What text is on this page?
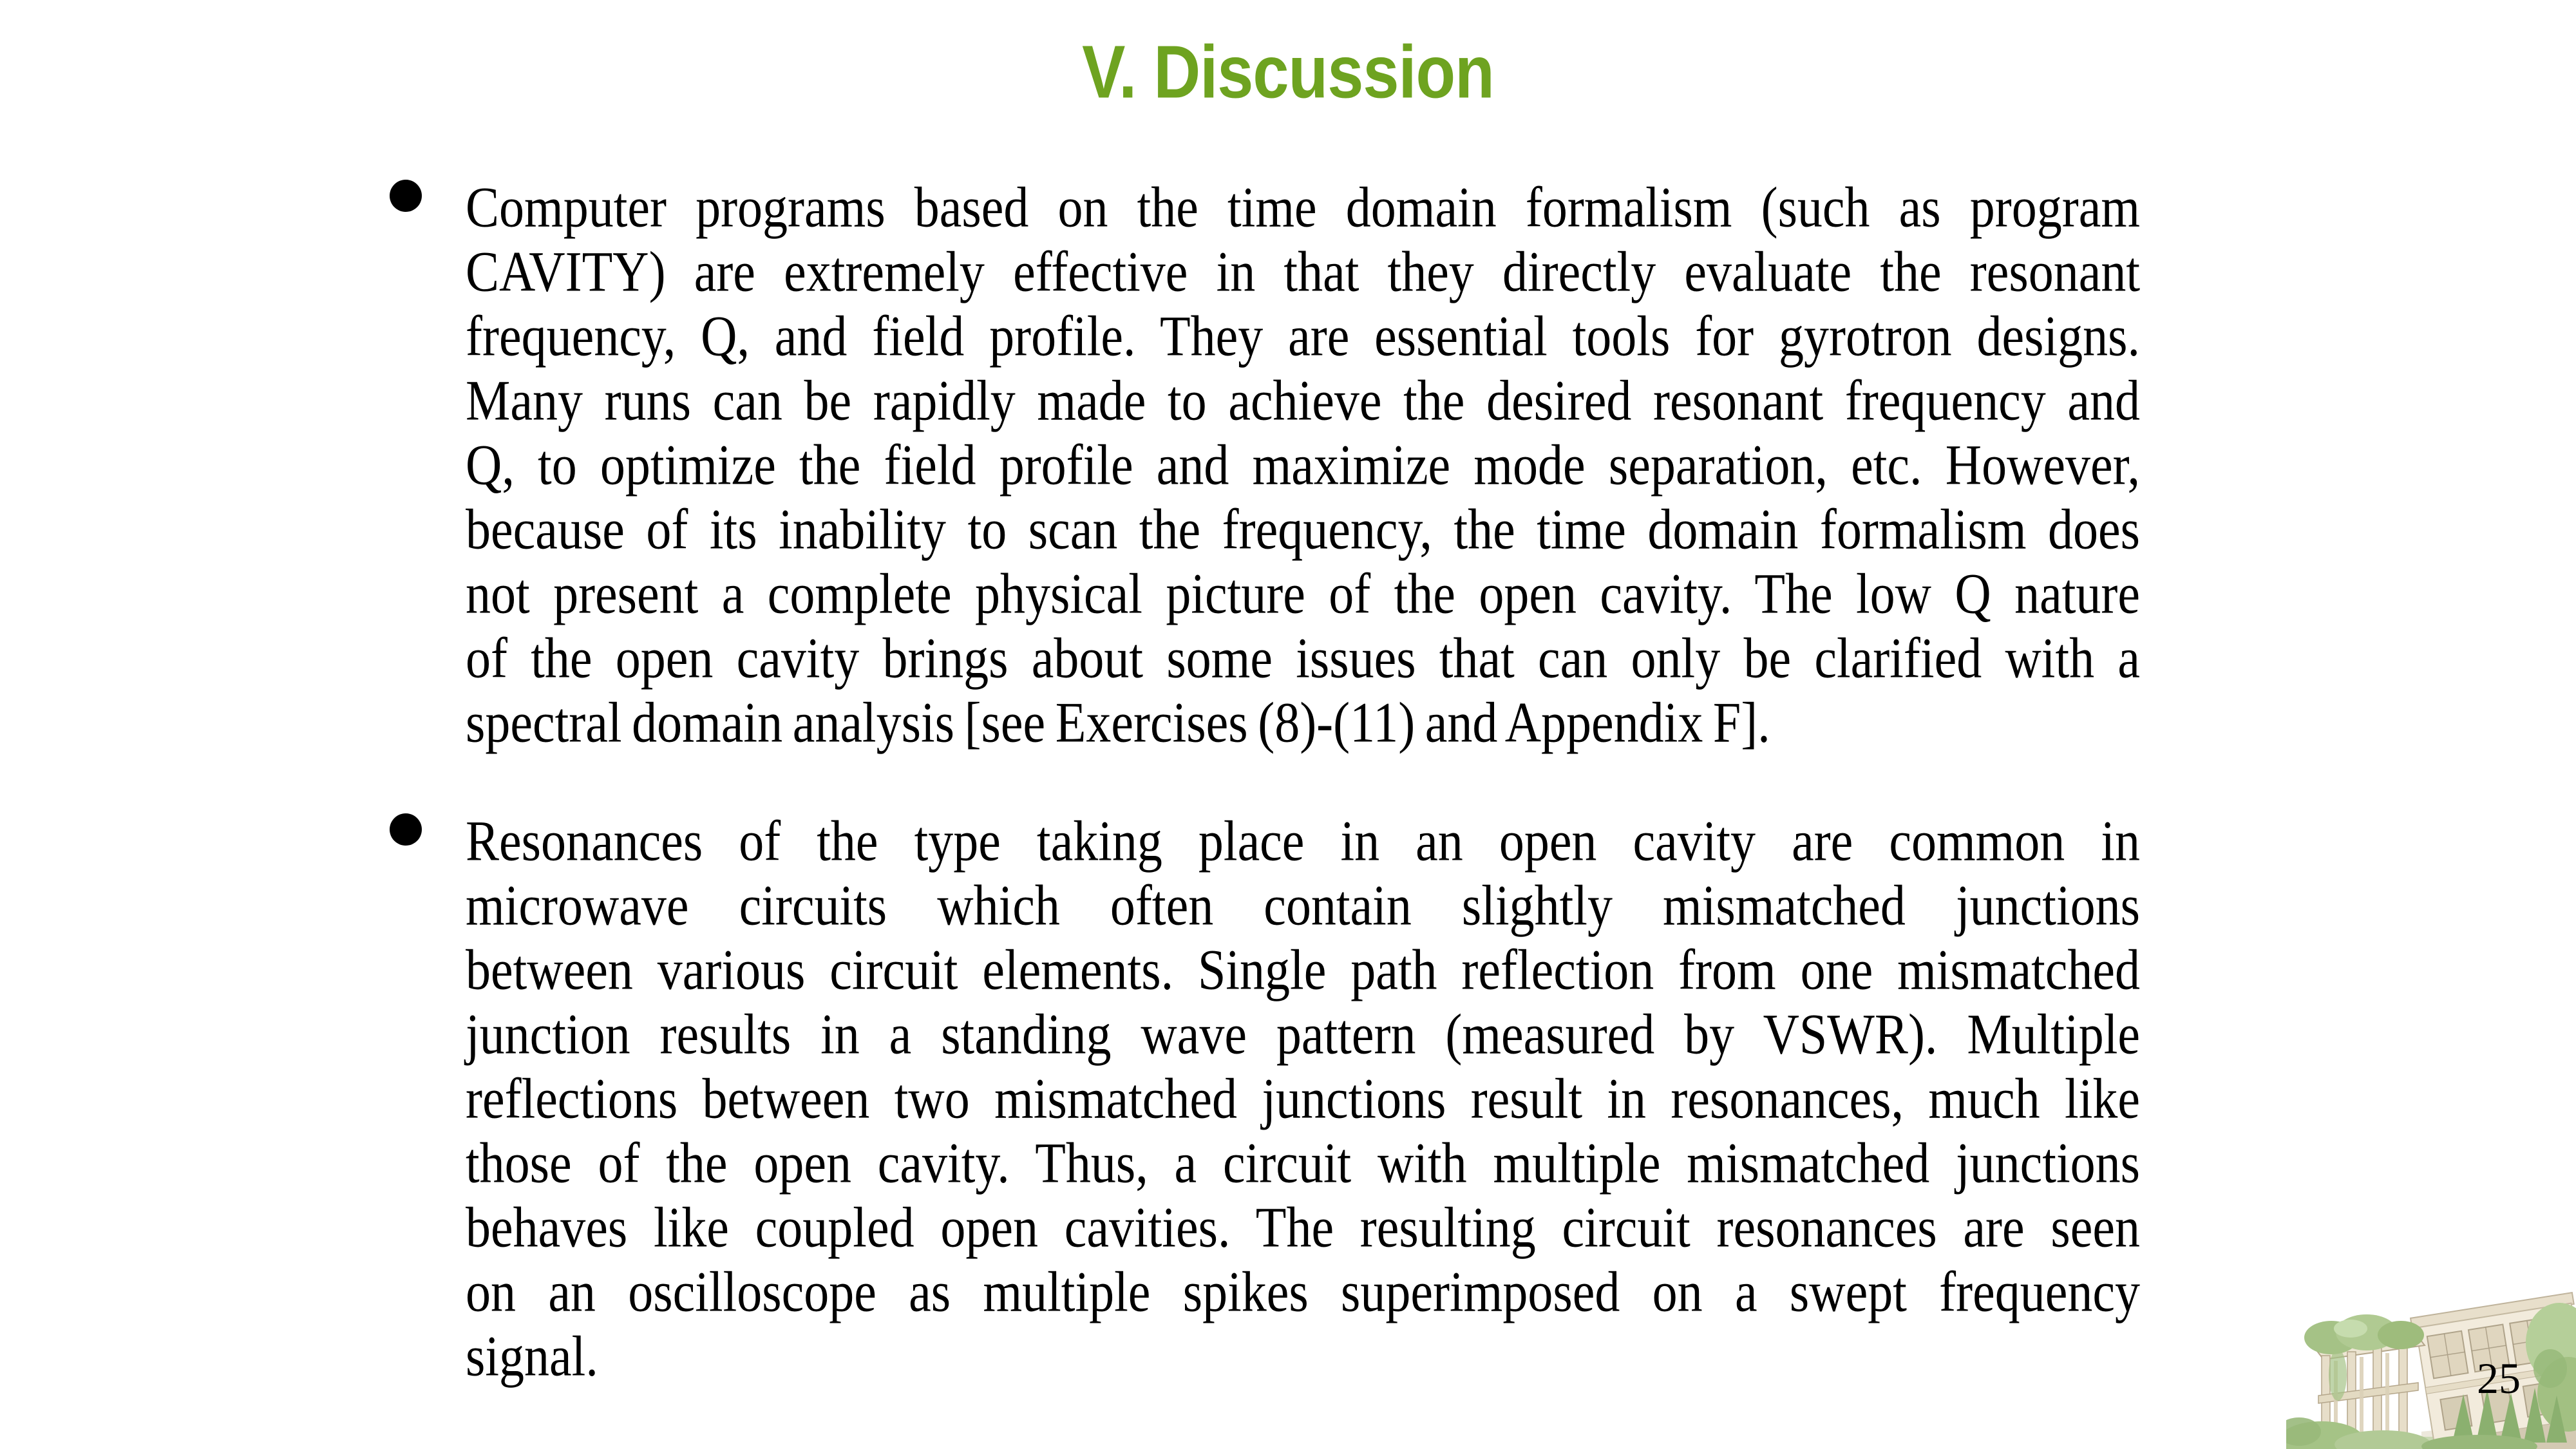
V. Discussion
Computer programs based on the time domain formalism (such as program
CAVITY) are extremely effective in that they directly evaluate the resonant
frequency, Q, and field profile. They are essential tools for gyrotron designs.
Many runs can be rapidly made to achieve the desired resonant frequency and
Q, to optimize the field profile and maximize mode separation, etc. However,
because of its inability to scan the frequency, the time domain formalism does
not present a complete physical picture of the open cavity. The low Q nature
of the open cavity brings about some issues that can only be clarified with a
spectral domain analysis [see Exercises (8)-(11) and Appendix F].
Resonances of the type taking place in an open cavity are common in
microwave circuits which often contain slightly mismatched junctions
between various circuit elements. Single path reflection from one mismatched
junction results in a standing wave pattern (measured by VSWR). Multiple
reflections between two mismatched junctions result in resonances, much like
those of the open cavity. Thus, a circuit with multiple mismatched junctions
behaves like coupled open cavities. The resulting circuit resonances are seen
on an oscilloscope as multiple spikes superimposed on a swept frequency
signal.	25
